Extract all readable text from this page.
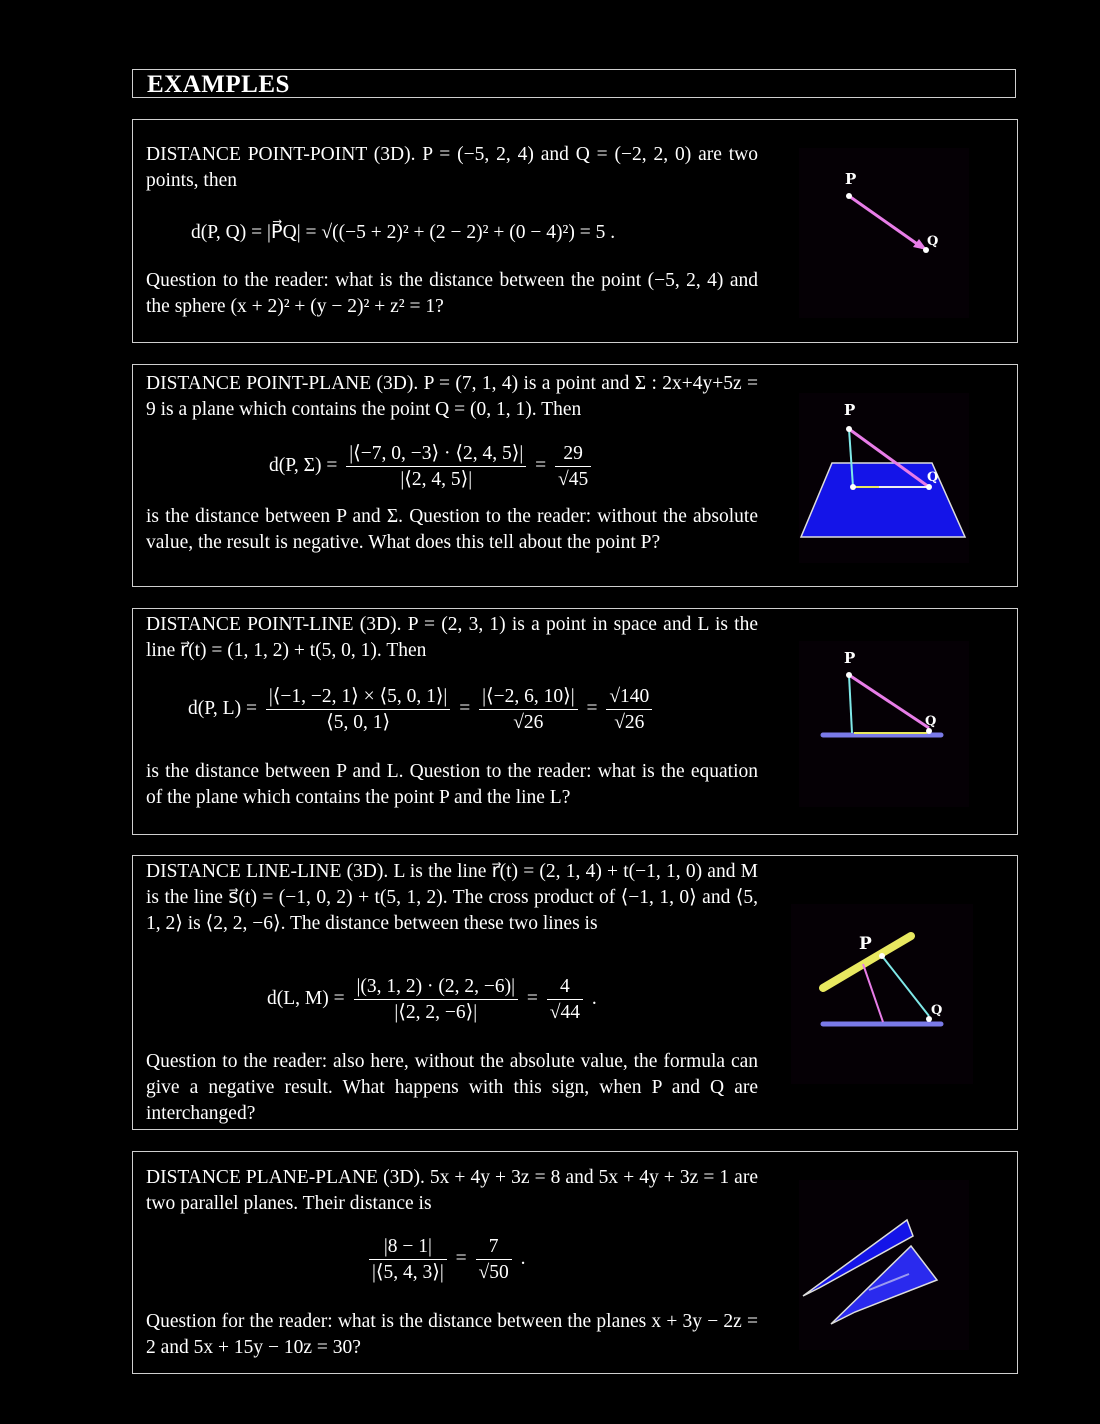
EXAMPLES

DISTANCE POINT-POINT (3D). P = (−5, 2, 4) and Q = (−2, 2, 0) are two points, then

d(P, Q) = |P⃗Q| = √((−5 + 2)² + (2 − 2)² + (0 − 4)²) = 5 .

Question to the reader: what is the distance between the point (−5, 2, 4) and the sphere (x + 2)² + (y − 2)² + z² = 1?

P
Q

DISTANCE POINT-PLANE (3D). P = (7, 1, 4) is a point and Σ : 2x+4y+5z = 9 is a plane which contains the point Q = (0, 1, 1). Then

d(P, $\Sigma) = \frac{|⟨-7, 0, -3⟩ \cdot ⟨2, 4, 5⟩|}{|⟨2, 4, 5⟩|} = \frac{29}{√45}$

is the distance between P and Σ. Question to the reader: without the absolute value, the result is negative. What does this tell about the point P?

P
Q

DISTANCE POINT-LINE (3D). P = (2, 3, 1) is a point in space and L is the line r⃗(t) = (1, 1, 2) + t(5, 0, 1). Then

d(P, $L) = \frac{|⟨-1, -2, 1⟩ \times ⟨5, 0, 1⟩|}{⟨5, 0, 1⟩} = \frac{|⟨-2, 6, 10⟩|}{√26} = \frac{√140}{√26}$

is the distance between P and L. Question to the reader: what is the equation of the plane which contains the point P and the line L?

P
Q

DISTANCE LINE-LINE (3D). L is the line r⃗(t) = (2, 1, 4) + t(−1, 1, 0) and M is the line s⃗(t) = (−1, 0, 2) + t(5, 1, 2). The cross product of ⟨−1, 1, 0⟩ and ⟨5, 1, 2⟩ is ⟨2, 2, −6⟩. The distance between these two lines is

d(L, $M) = \frac{|(3, 1, 2) \cdot (2, 2, -6)|}{|⟨2, 2, -6⟩|} = \frac{4}{√44}$ .

Question to the reader: also here, without the absolute value, the formula can give a negative result. What happens with this sign, when P and Q are interchanged?

P
Q

DISTANCE PLANE-PLANE (3D). 5x + 4y + 3z = 8 and 5x + 4y + 3z = 1 are two parallel planes. Their distance is

$\frac{|8 - 1|}{|⟨5, 4, 3⟩|} = \frac{7}{√50}$ .

Question for the reader: what is the distance between the planes x + 3y − 2z = 2 and 5x + 15y − 10z = 30?
